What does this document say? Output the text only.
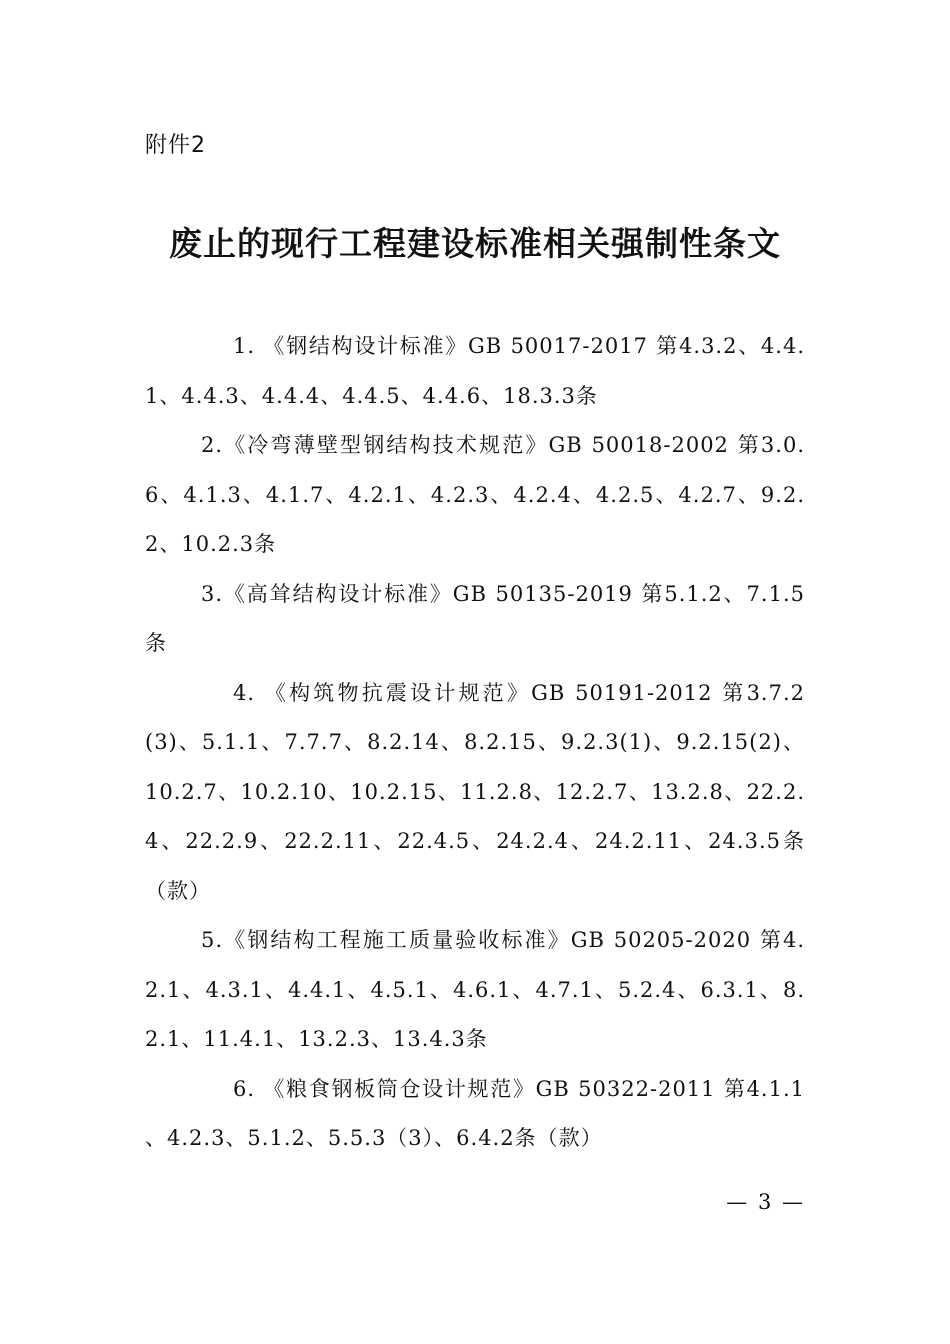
附件2
废止的现行工程建设标准相关强制性条文

1. 《钢结构设计标准》GB 50017-2017 第4.3.2、4.4.1、4.4.3、4.4.4、4.4.5、4.4.6、18.3.3条

2.《冷弯薄壁型钢结构技术规范》GB 50018-2002 第3.0.6、4.1.3、4.1.7、4.2.1、4.2.3、4.2.4、4.2.5、4.2.7、9.2.2、10.2.3条

3.《高耸结构设计标准》GB 50135-2019 第5.1.2、7.1.5条

4. 《构筑物抗震设计规范》GB 50191-2012 第3.7.2(3)、5.1.1、7.7.7、8.2.14、8.2.15、9.2.3(1)、9.2.15(2)、10.2.7、10.2.10、10.2.15、11.2.8、12.2.7、13.2.8、22.2.4、22.2.9、22.2.11、22.4.5、24.2.4、24.2.11、24.3.5条（款）

5.《钢结构工程施工质量验收标准》GB 50205-2020 第4.2.1、4.3.1、4.4.1、4.5.1、4.6.1、4.7.1、5.2.4、6.3.1、8.2.1、11.4.1、13.2.3、13.4.3条

6. 《粮食钢板筒仓设计规范》GB 50322-2011 第4.1.1 、4.2.3、5.1.2、5.5.3（3）、6.4.2条（款）

— 3 —
